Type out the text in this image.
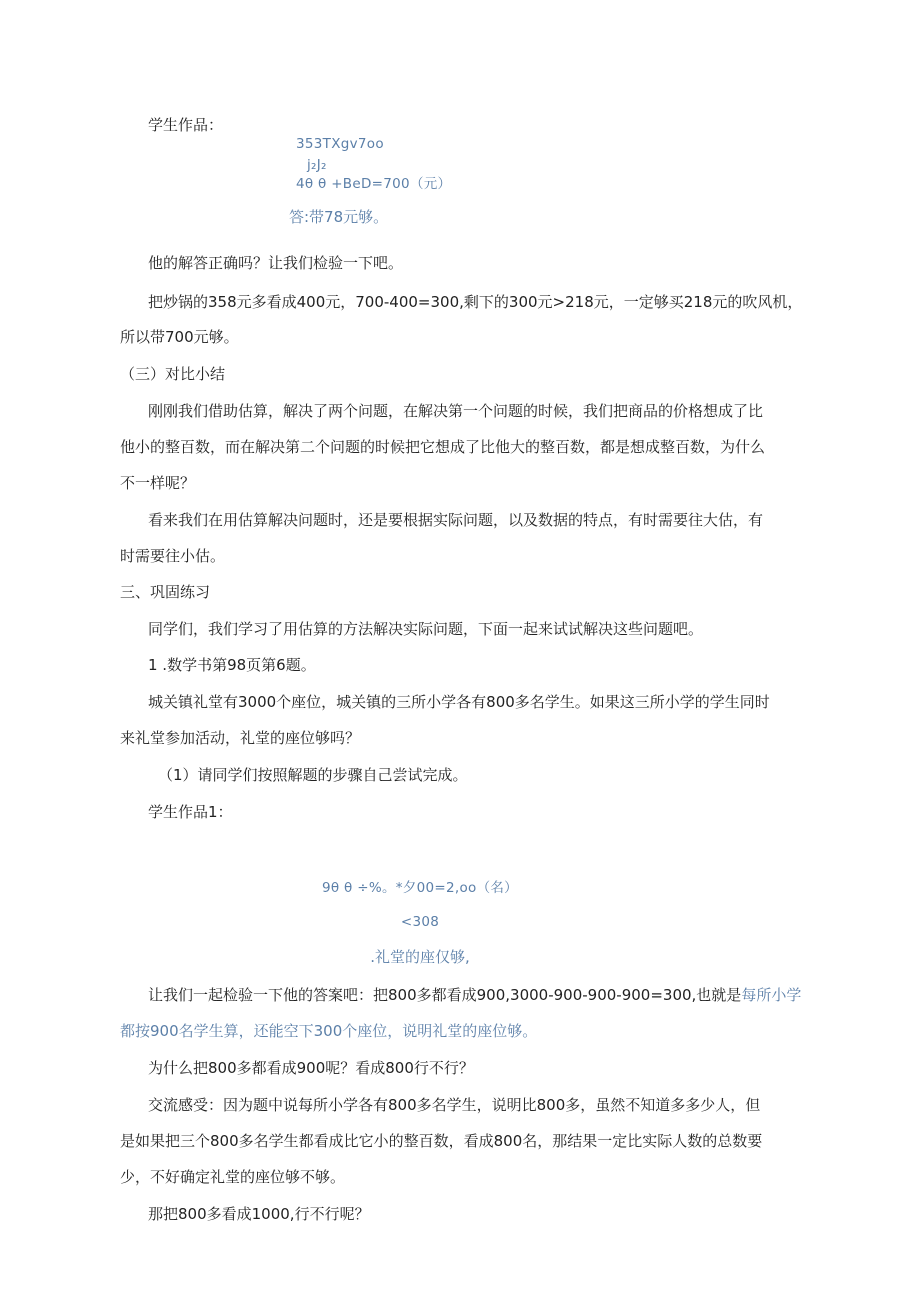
学生作品：
353TXgv7oo
j₂J₂
4θ θ +BeD=700（元）
答:带78元够。
他的解答正确吗？让我们检验一下吧。
把炒锅的358元多看成400元，700-400=300,剩下的300元>218元，一定够买218元的吹风机，
所以带700元够。
（三）对比小结
刚刚我们借助估算，解决了两个问题，在解决第一个问题的时候，我们把商品的价格想成了比
他小的整百数，而在解决第二个问题的时候把它想成了比他大的整百数，都是想成整百数，为什么
不一样呢？
看来我们在用估算解决问题时，还是要根据实际问题，以及数据的特点，有时需要往大估，有
时需要往小估。
三、巩固练习
同学们，我们学习了用估算的方法解决实际问题，下面一起来试试解决这些问题吧。
1 .数学书第98页第6题。
城关镇礼堂有3000个座位，城关镇的三所小学各有800多名学生。如果这三所小学的学生同时
来礼堂参加活动，礼堂的座位够吗？
（1）请同学们按照解题的步骤自己尝试完成。
学生作品1：
9θ θ ÷%。*夕00=2,oo（名）
<308
.礼堂的座仅够,
让我们一起检验一下他的答案吧：把800多都看成900,3000-900-900-900=300,也就是每所小学
都按900名学生算，还能空下300个座位，说明礼堂的座位够。
为什么把800多都看成900呢？看成800行不行？
交流感受：因为题中说每所小学各有800多名学生，说明比800多，虽然不知道多多少人，但
是如果把三个800多名学生都看成比它小的整百数，看成800名，那结果一定比实际人数的总数要
少，不好确定礼堂的座位够不够。
那把800多看成1000,行不行呢？
